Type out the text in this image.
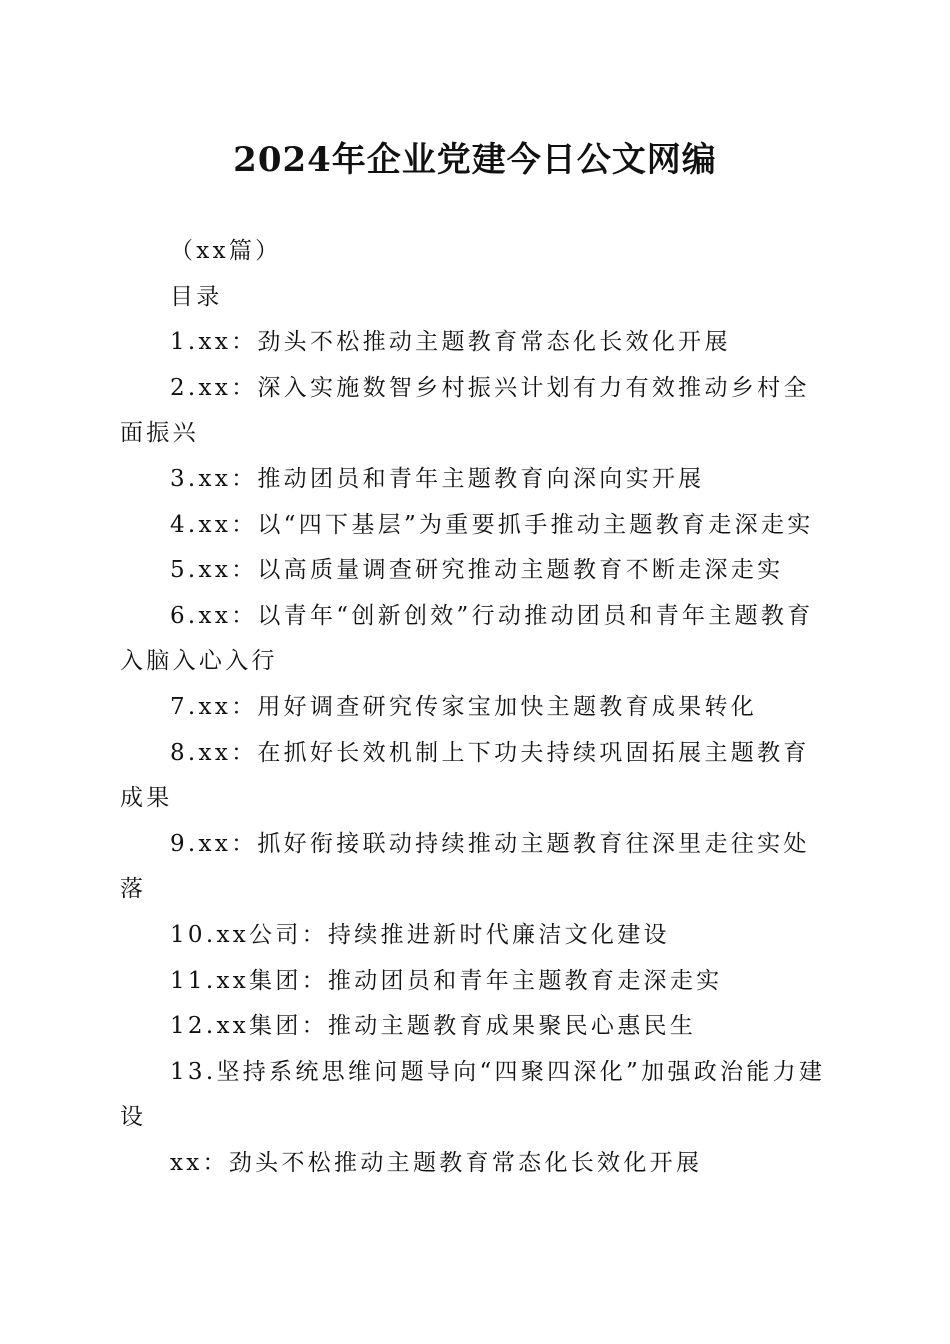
2024年企业党建今日公文网编

（xx篇）

目录

1.xx：劲头不松推动主题教育常态化长效化开展

2.xx：深入实施数智乡村振兴计划有力有效推动乡村全面振兴

3.xx：推动团员和青年主题教育向深向实开展

4.xx：以“四下基层”为重要抓手推动主题教育走深走实

5.xx：以高质量调查研究推动主题教育不断走深走实

6.xx：以青年“创新创效”行动推动团员和青年主题教育入脑入心入行

7.xx：用好调查研究传家宝加快主题教育成果转化

8.xx：在抓好长效机制上下功夫持续巩固拓展主题教育成果

9.xx：抓好衔接联动持续推动主题教育往深里走往实处落

10.xx公司：持续推进新时代廉洁文化建设

11.xx集团：推动团员和青年主题教育走深走实

12.xx集团：推动主题教育成果聚民心惠民生

13.坚持系统思维问题导向“四聚四深化”加强政治能力建设

xx：劲头不松推动主题教育常态化长效化开展
